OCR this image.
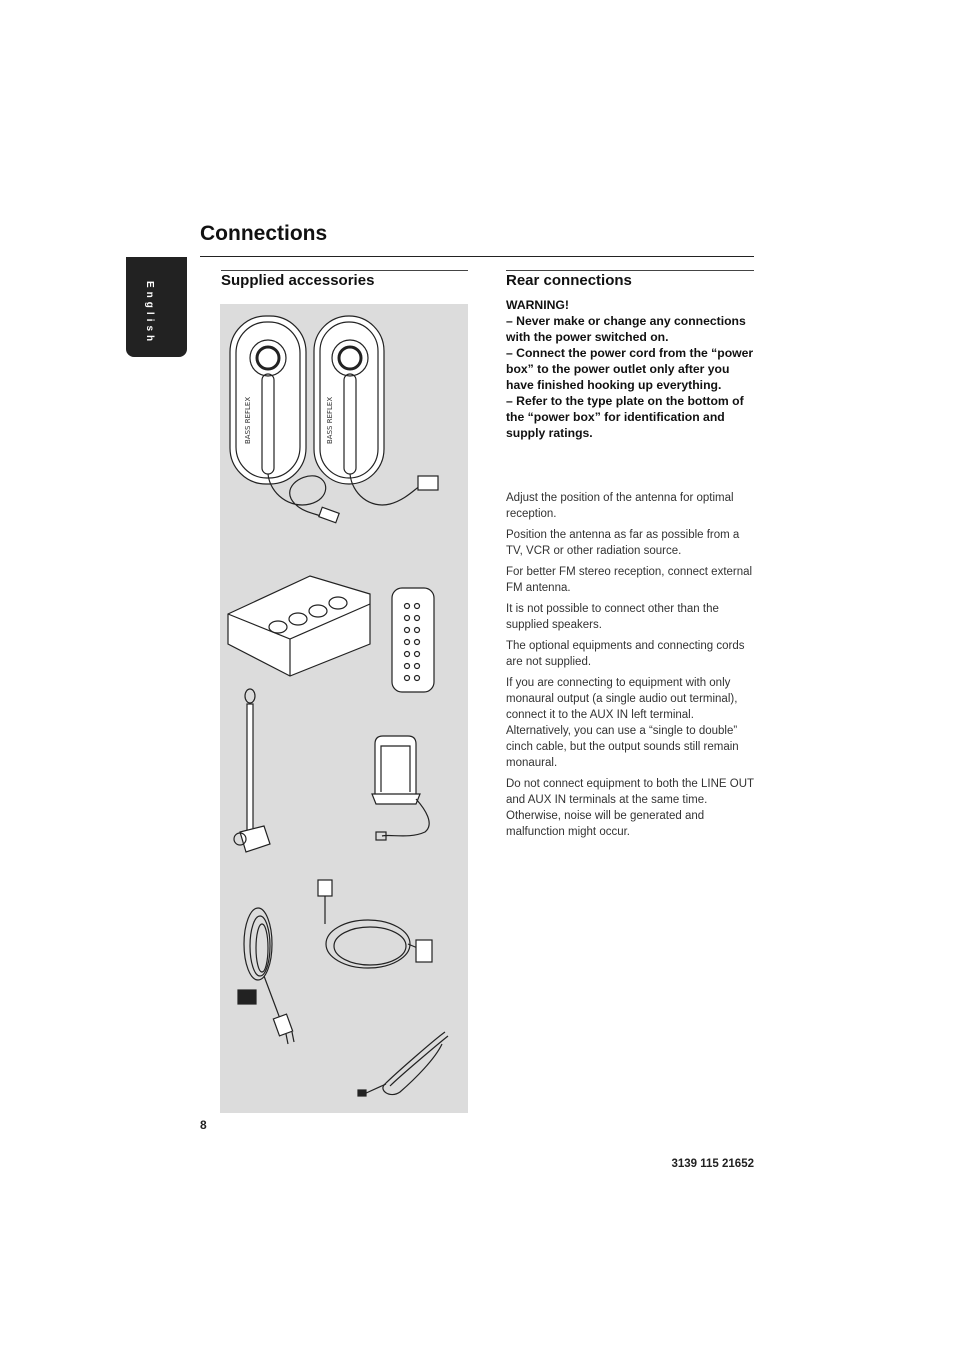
Connections
English
Supplied accessories
BASS REFLEX	BASS REFLEX
Rear connections

WARNING!

– Never make or change any connections with the power switched on.

– Connect the power cord from the “power box” to the power outlet only after you have finished hooking up everything.

– Refer to the type plate on the bottom of the “power box” for identification and supply ratings.

Adjust the position of the antenna for optimal reception.

Position the antenna as far as possible from a TV, VCR or other radiation source.

For better FM stereo reception, connect external FM antenna.

It is not possible to connect other than the supplied speakers.

The optional equipments and connecting cords are not supplied.

If you are connecting to equipment with only monaural output (a single audio out terminal), connect it to the AUX IN left terminal. Alternatively, you can use a “single to double” cinch cable, but the output sounds still remain monaural.

Do not connect equipment to both the LINE OUT and AUX IN terminals at the same time. Otherwise, noise will be generated and malfunction might occur.

8
3139 115 21652
